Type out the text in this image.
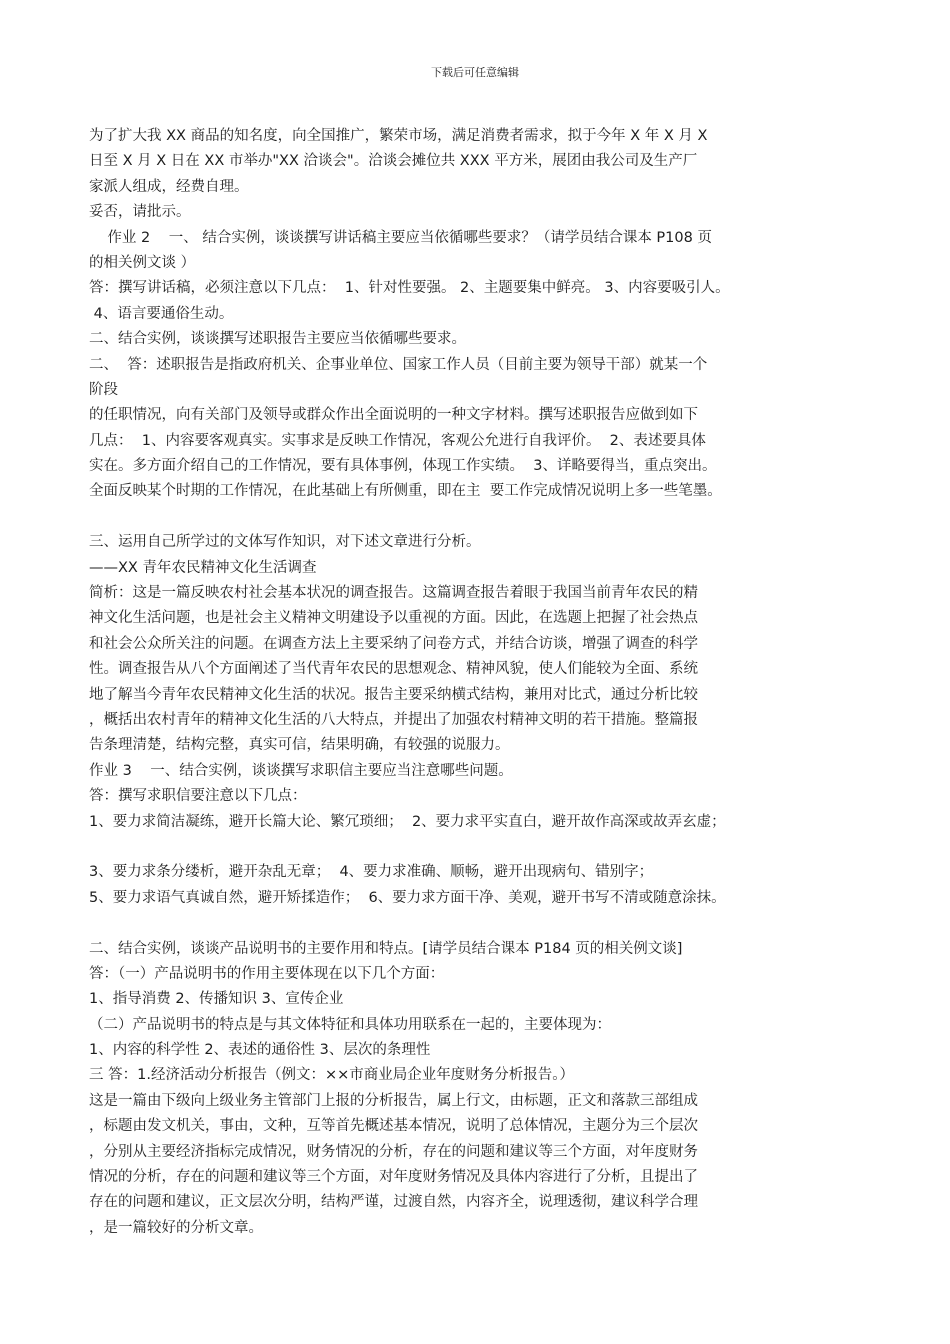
下载后可任意编辑
为了扩大我 XX 商品的知名度，向全国推广，繁荣市场，满足消费者需求，拟于今年 X 年 X 月 X
日至 X 月 X 日在 XX 市举办"XX 洽谈会"。洽谈会摊位共 XXX 平方米，展团由我公司及生产厂
家派人组成，经费自理。
妥否，请批示。
作业 2    一、 结合实例，谈谈撰写讲话稿主要应当依循哪些要求？（请学员结合课本 P108 页
的相关例文谈 ）
答：撰写讲话稿，必须注意以下几点：  1、针对性要强。 2、主题要集中鲜亮。 3、内容要吸引人。
4、语言要通俗生动。
二、结合实例，谈谈撰写述职报告主要应当依循哪些要求。
二、  答：述职报告是指政府机关、企事业单位、国家工作人员（目前主要为领导干部）就某一个
阶段
的任职情况，向有关部门及领导或群众作出全面说明的一种文字材料。撰写述职报告应做到如下
几点：  1、内容要客观真实。实事求是反映工作情况，客观公允进行自我评价。  2、表述要具体
实在。多方面介绍自己的工作情况，要有具体事例，体现工作实绩。  3、详略要得当，重点突出。
全面反映某个时期的工作情况，在此基础上有所侧重，即在主  要工作完成情况说明上多一些笔墨。
三、运用自己所学过的文体写作知识，对下述文章进行分析。
——XX 青年农民精神文化生活调查
简析：这是一篇反映农村社会基本状况的调查报告。这篇调查报告着眼于我国当前青年农民的精
神文化生活问题，也是社会主义精神文明建设予以重视的方面。因此，在选题上把握了社会热点
和社会公众所关注的问题。在调查方法上主要采纳了问卷方式，并结合访谈，增强了调查的科学
性。调查报告从八个方面阐述了当代青年农民的思想观念、精神风貌，使人们能较为全面、系统
地了解当今青年农民精神文化生活的状况。报告主要采纳横式结构，兼用对比式，通过分析比较
，概括出农村青年的精神文化生活的八大特点，并提出了加强农村精神文明的若干措施。整篇报
告条理清楚，结构完整，真实可信，结果明确，有较强的说服力。
作业 3    一、结合实例，谈谈撰写求职信主要应当注意哪些问题。
答：撰写求职信要注意以下几点：
1、要力求简洁凝练，避开长篇大论、繁冗琐细；  2、要力求平实直白，避开故作高深或故弄玄虚；
3、要力求条分缕析，避开杂乱无章；  4、要力求准确、顺畅，避开出现病句、错别字；
5、要力求语气真诚自然，避开矫揉造作；  6、要力求方面干净、美观，避开书写不清或随意涂抹。
二、结合实例，谈谈产品说明书的主要作用和特点。[请学员结合课本 P184 页的相关例文谈]
答：（一）产品说明书的作用主要体现在以下几个方面：
1、指导消费 2、传播知识 3、宣传企业
（二）产品说明书的特点是与其文体特征和具体功用联系在一起的，主要体现为：
1、内容的科学性 2、表述的通俗性 3、层次的条理性
三 答：1.经济活动分析报告（例文：××市商业局企业年度财务分析报告。）
这是一篇由下级向上级业务主管部门上报的分析报告，属上行文，由标题，正文和落款三部组成
，标题由发文机关，事由，文种，互等首先概述基本情况，说明了总体情况，主题分为三个层次
，分别从主要经济指标完成情况，财务情况的分析，存在的问题和建议等三个方面，对年度财务
情况的分析，存在的问题和建议等三个方面，对年度财务情况及具体内容进行了分析，且提出了
存在的问题和建议，正文层次分明，结构严谨，过渡自然，内容齐全，说理透彻，建议科学合理
，是一篇较好的分析文章。
